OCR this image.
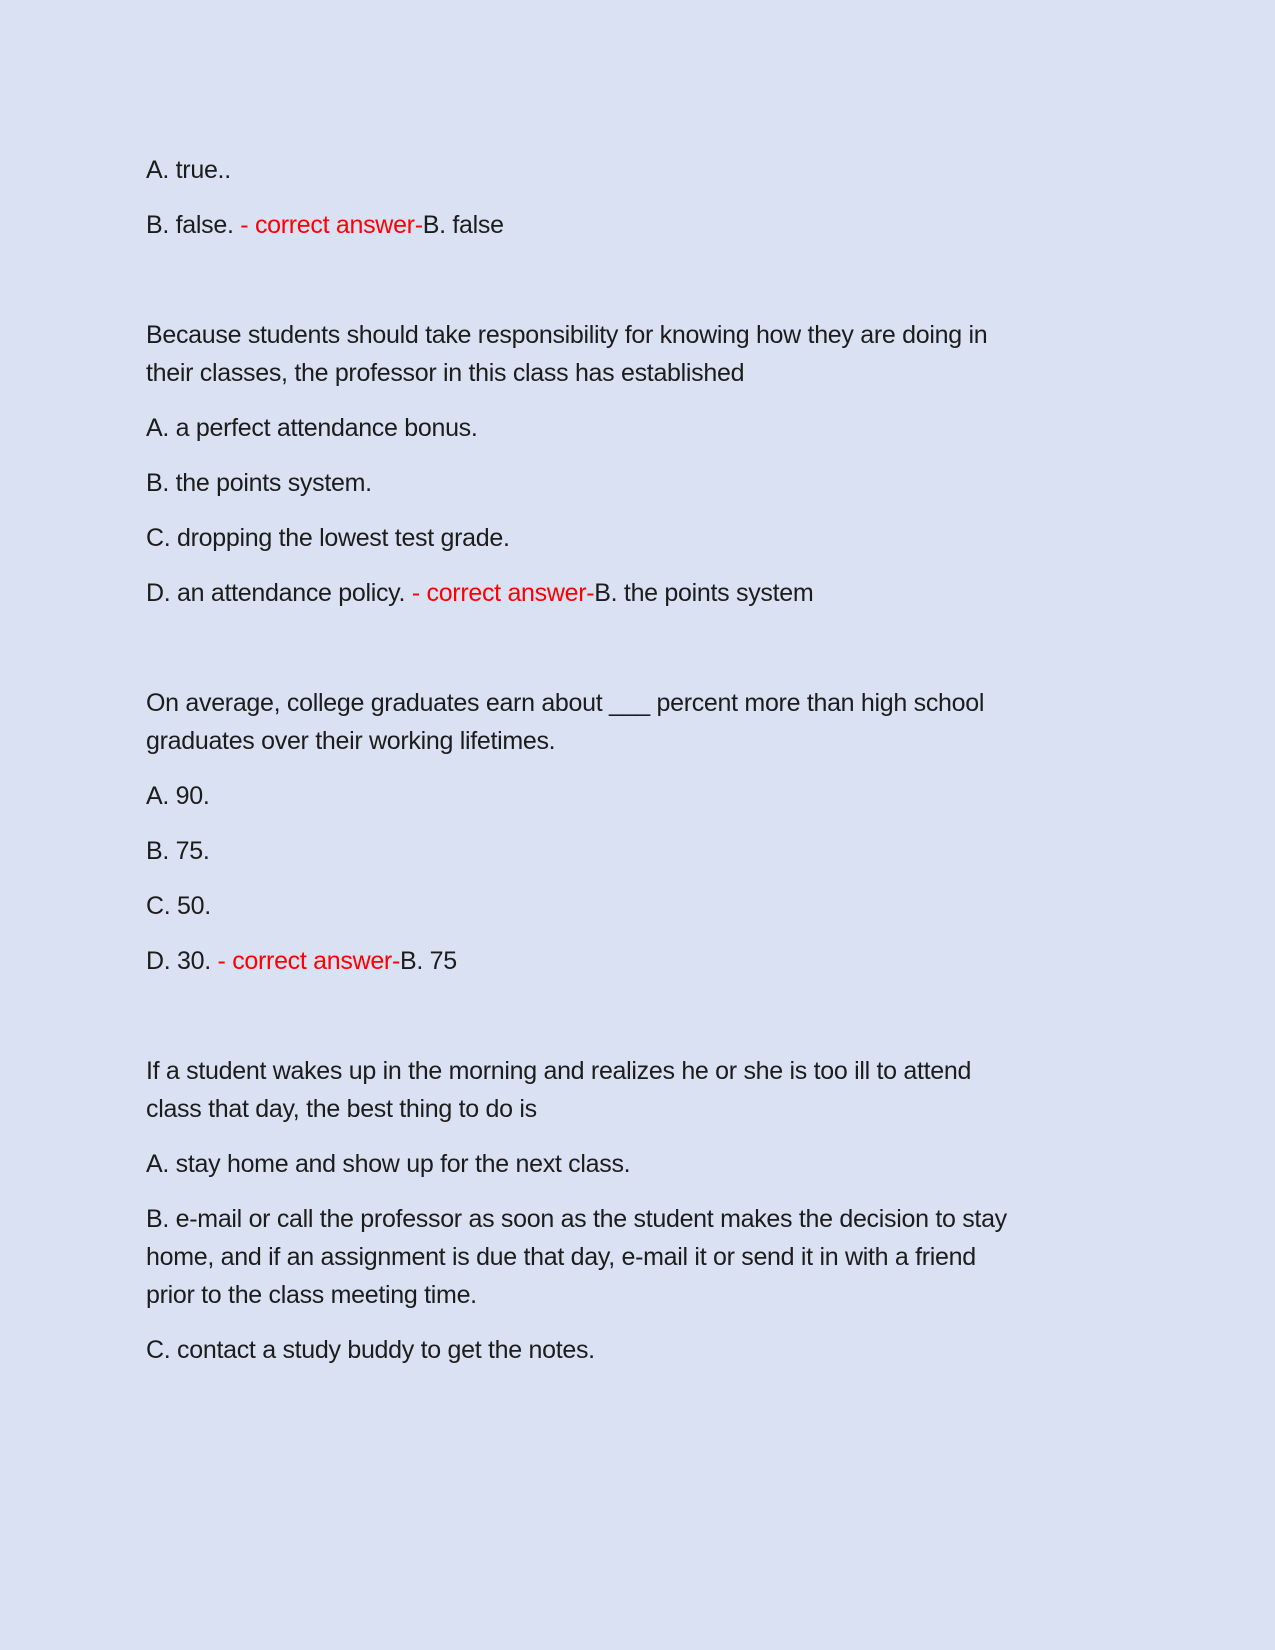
A. true..
B. false. - correct answer-B. false
Because students should take responsibility for knowing how they are doing in
their classes, the professor in this class has established
A. a perfect attendance bonus.
B. the points system.
C. dropping the lowest test grade.
D. an attendance policy. - correct answer-B. the points system
On average, college graduates earn about ___ percent more than high school
graduates over their working lifetimes.
A. 90.
B. 75.
C. 50.
D. 30. - correct answer-B. 75
If a student wakes up in the morning and realizes he or she is too ill to attend
class that day, the best thing to do is
A. stay home and show up for the next class.
B. e-mail or call the professor as soon as the student makes the decision to stay
home, and if an assignment is due that day, e-mail it or send it in with a friend
prior to the class meeting time.
C. contact a study buddy to get the notes.
